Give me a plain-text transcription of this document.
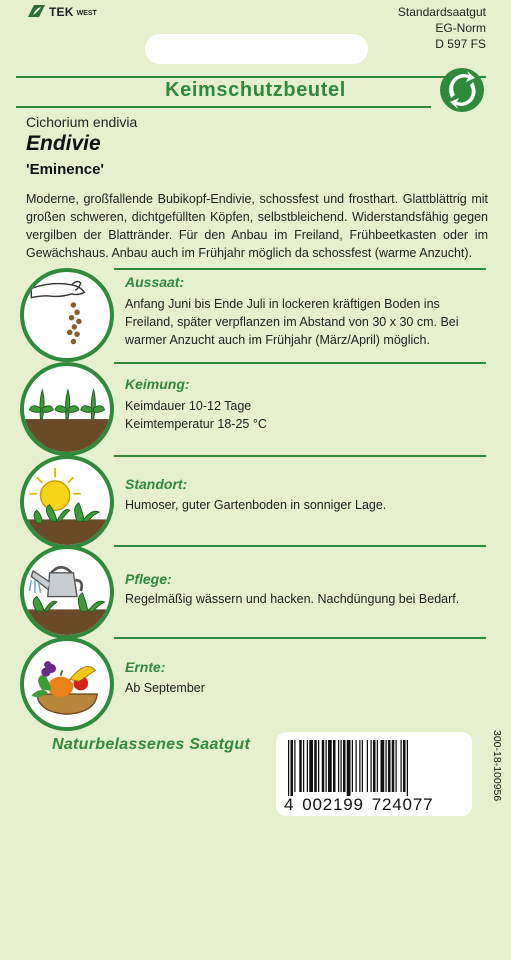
TEK WEST	Standardsaatgut
EG-Norm
D 597 FS
Keimschutzbeutel
Cichorium endivia
Endivie
'Eminence'
Moderne, großfallende Bubikopf-Endivie, schossfest und frosthart. Glattblättrig mit großen schweren, dichtgefüllten Köpfen, selbstbleichend. Widerstandsfähig gegen vergilben der Blattränder. Für den Anbau im Freiland, Frühbeetkasten oder im Gewächshaus. Anbau auch im Frühjahr möglich da schossfest (warme Anzucht).
Aussaat:
Anfang Juni bis Ende Juli in lockeren kräftigen Boden ins Freiland, später verpflanzen im Abstand von 30 x 30 cm. Bei warmer Anzucht auch im Frühjahr (März/April) möglich.
Keimung:
Keimdauer 10-12 Tage
Keimtemperatur 18-25 °C
Standort:
Humoser, guter Gartenboden in sonniger Lage.
Pflege:
Regelmäßig wässern und hacken. Nachdüngung bei Bedarf.
Ernte:
Ab September
Naturbelassenes Saatgut
4 002199 724077
300-18-100956
